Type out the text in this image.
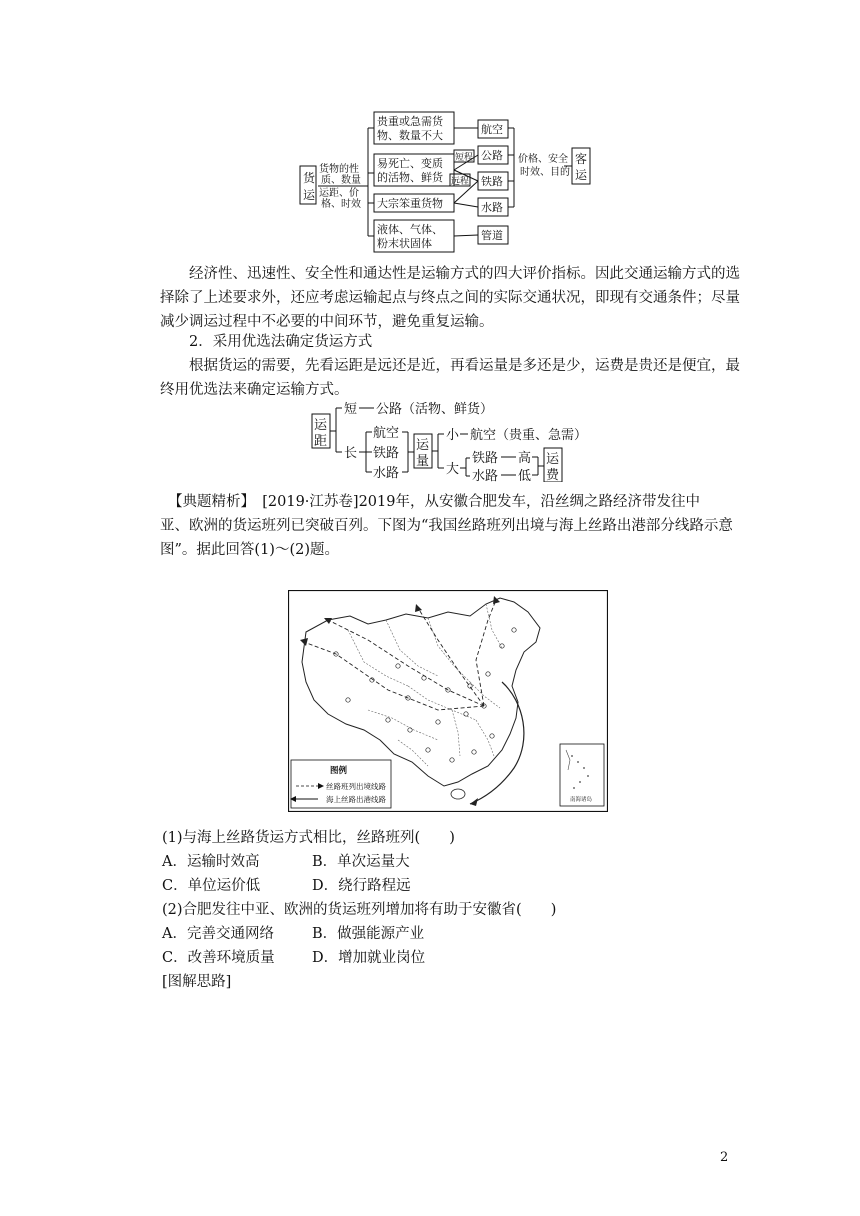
货
运
货物的性
质、数量
运距、价
格、时效
贵重或急需货
物、数量不大
易死亡、变质
的活物、鲜货
大宗笨重货物
液体、气体、
粉末状固体
航空
公路
铁路
水路
管道
短程
远程
价格、安全
时效、目的
客
运
经济性、迅速性、安全性和通达性是运输方式的四大评价指标。因此交通运输方式的选
择除了上述要求外，还应考虑运输起点与终点之间的实际交通状况，即现有交通条件；尽量
减少调运过程中不必要的中间环节，避免重复运输。
2．采用优选法确定货运方式
根据货运的需要，先看运距是远还是近，再看运量是多还是少，运费是贵还是便宜，最
终用优选法来确定运输方式。
运
距
短 公路（活物、鲜货）
长
航空
铁路
水路
运
量
小 航空（贵重、急需）
大
铁路 高
水路 低
运
费
【典题精析】　[2019·江苏卷]2019年，从安徽合肥发车，沿丝绸之路经济带发往中
亚、欧洲的货运班列已突破百列。下图为“我国丝路班列出境与海上丝路出港部分线路示意
图”。据此回答(1)～(2)题。
南海诸岛
图例
丝路班列出境线路
海上丝路出港线路
(1)与海上丝路货运方式相比，丝路班列(　　)
A．运输时效高	B．单次运量大
C．单位运价低	D．绕行路程远
(2)合肥发往中亚、欧洲的货运班列增加将有助于安徽省(　　)
A．完善交通网络	B．做强能源产业
C．改善环境质量	D．增加就业岗位
[图解思路]
2
